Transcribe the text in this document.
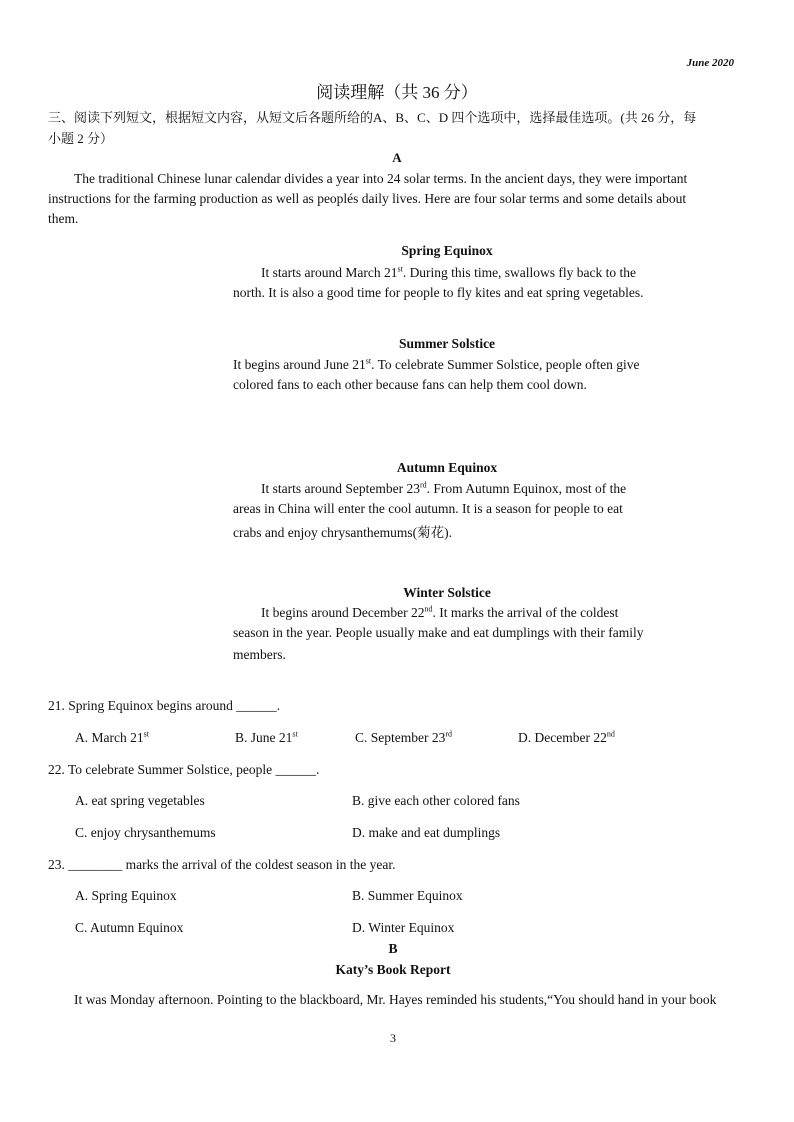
June 2020
阅读理解（共 36 分）
三、阅读下列短文，根据短文内容，从短文后各题所给的A、B、C、D 四个选项中，选择最佳选项。(共 26 分，每
小题 2 分）
A
The traditional Chinese lunar calendar divides a year into 24 solar terms. In the ancient days, they were important
instructions for the farming production as well as peoplés daily lives. Here are four solar terms and some details about
them.
Spring Equinox
It starts around March 21st. During this time, swallows fly back to the
north. It is also a good time for people to fly kites and eat spring vegetables.
Summer Solstice
It begins around June 21st. To celebrate Summer Solstice, people often give
colored fans to each other because fans can help them cool down.
Autumn Equinox
It starts around September 23rd. From Autumn Equinox, most of the
areas in China will enter the cool autumn. It is a season for people to eat
crabs and enjoy chrysanthemums(菊花).
Winter Solstice
It begins around December 22nd. It marks the arrival of the coldest
season in the year. People usually make and eat dumplings with their family
members.
21. Spring Equinox begins around ______.
A. March 21st	B. June 21st	C. September 23rd	D. December 22nd
22. To celebrate Summer Solstice, people ______.
A. eat spring vegetables	B. give each other colored fans
C. enjoy chrysanthemums	D. make and eat dumplings
23. ________ marks the arrival of the coldest season in the year.
A. Spring Equinox	B. Summer Equinox
C. Autumn Equinox	D. Winter Equinox
B
Katy’s Book Report
It was Monday afternoon. Pointing to the blackboard, Mr. Hayes reminded his students,“You should hand in your book
3
